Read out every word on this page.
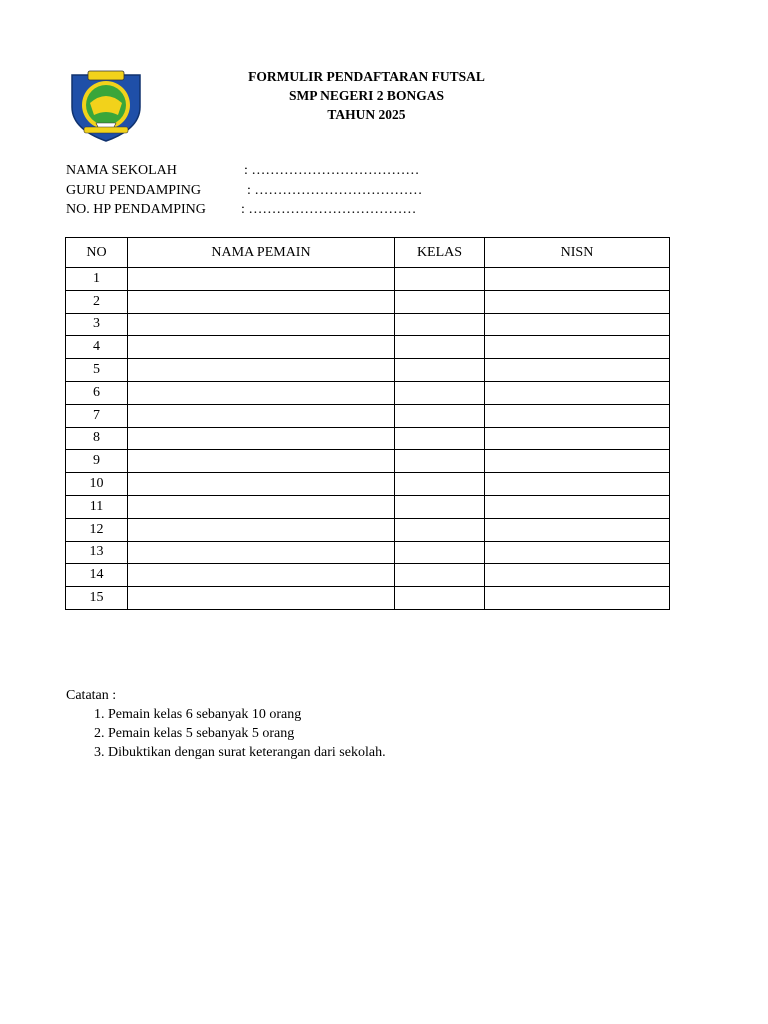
FORMULIR PENDAFTARAN FUTSAL
SMP NEGERI 2 BONGAS
TAHUN 2025
NAMA SEKOLAH	: ………………………………
GURU PENDAMPING	: ………………………………
NO. HP PENDAMPING	: ………………………………
NO	NAMA PEMAIN	KELAS	NISN
1			
2			
3			
4			
5			
6			
7			
8			
9			
10			
11			
12			
13			
14			
15			
Catatan :
1. Pemain kelas 6 sebanyak 10 orang
2. Pemain kelas 5 sebanyak 5 orang
3. Dibuktikan dengan surat keterangan dari sekolah.
